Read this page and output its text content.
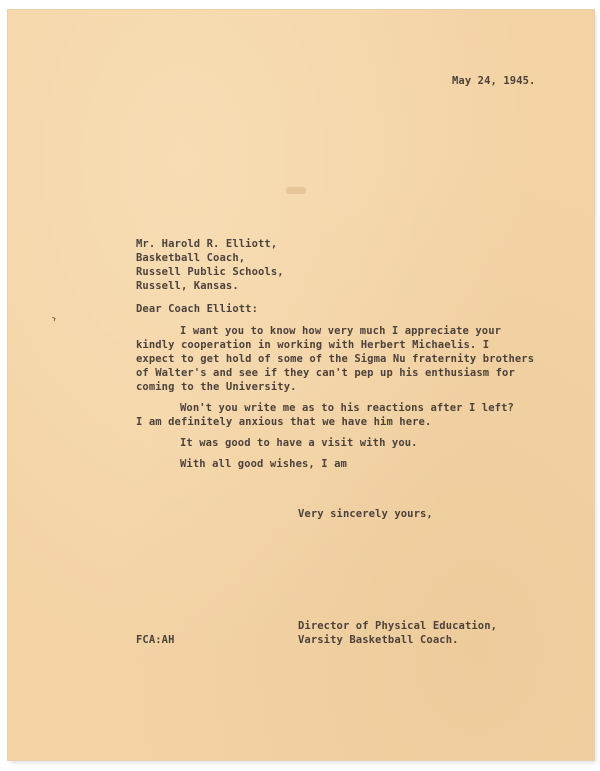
›
May 24, 1945.
Mr. Harold R. Elliott,
Basketball Coach,
Russell Public Schools,
Russell, Kansas.
Dear Coach Elliott:
I want you to know how very much I appreciate your
kindly cooperation in working with Herbert Michaelis. I
expect to get hold of some of the Sigma Nu fraternity brothers
of Walter's and see if they can't pep up his enthusiasm for
coming to the University.
Won't you write me as to his reactions after I left?
I am definitely anxious that we have him here.
It was good to have a visit with you.
With all good wishes, I am
Very sincerely yours,
Director of Physical Education,
Varsity Basketball Coach.
FCA:AH
